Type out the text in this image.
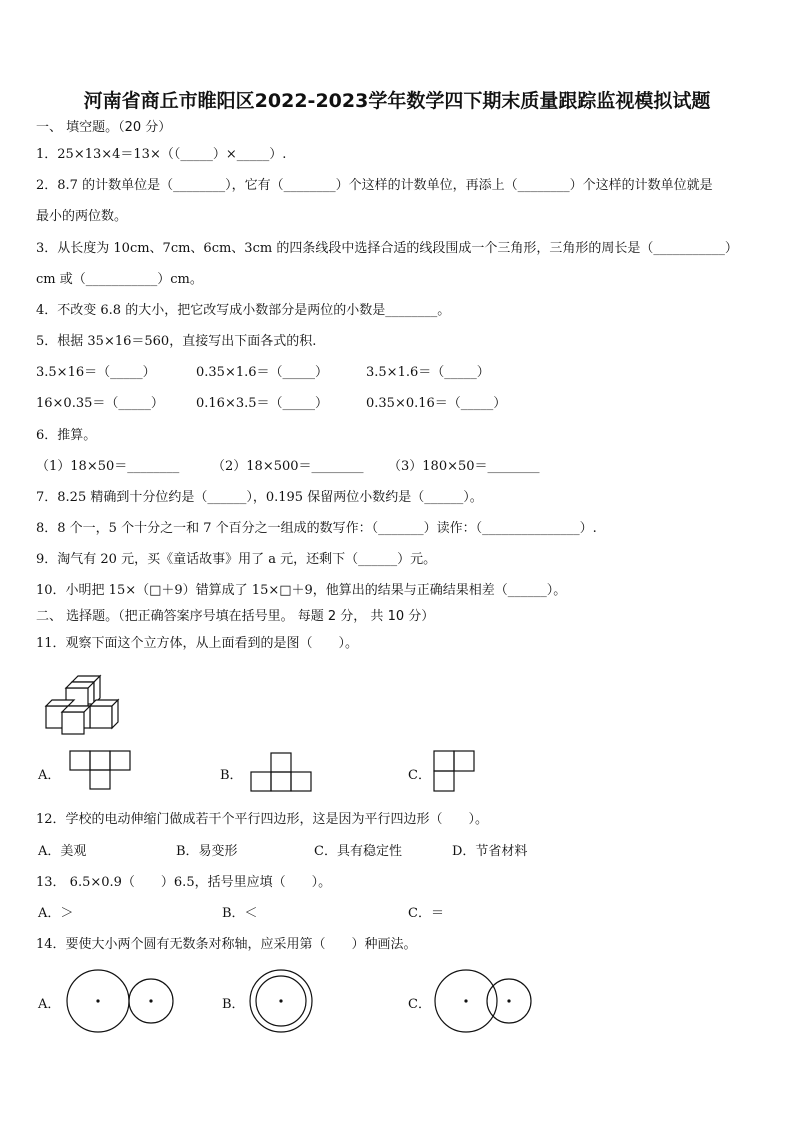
河南省商丘市睢阳区2022-2023学年数学四下期末质量跟踪监视模拟试题
一、 填空题。（20 分）
1．25×13×4＝13×（（_____）×_____）.
2．8.7 的计数单位是（________），它有（________）个这样的计数单位，再添上（________）个这样的计数单位就是
最小的两位数。
3．从长度为 10cm、7cm、6cm、3cm 的四条线段中选择合适的线段围成一个三角形，三角形的周长是（___________）
cm 或（___________）cm。
4．不改变 6.8 的大小，把它改写成小数部分是两位的小数是________。
5．根据 35×16＝560，直接写出下面各式的积.
3.5×16＝（_____）	0.35×1.6＝（_____）	3.5×1.6＝（_____）
16×0.35＝（_____） 0.16×3.5＝（_____）	0.35×0.16＝（_____）
6．推算。
（1）18×50＝________	（2）18×500＝________ （3）180×50＝________
7．8.25 精确到十分位约是（______），0.195 保留两位小数约是（______）。
8．8 个一，5 个十分之一和 7 个百分之一组成的数写作：（_______）读作：（_______________）.
9．淘气有 20 元，买《童话故事》用了 a 元，还剩下（______）元。
10．小明把 15×（□＋9）错算成了 15×□＋9，他算出的结果与正确结果相差（______）。
二、 选择题。（把正确答案序号填在括号里。 每题 2 分， 共 10 分）
11．观察下面这个立方体，从上面看到的是图（　　）。
A．	B．	C．
12．学校的电动伸缩门做成若干个平行四边形，这是因为平行四边形（　　）。
A．美观	B．易变形	C．具有稳定性	D．节省材料
13． 6.5×0.9（　　）6.5，括号里应填（　　）。
A．＞	B．＜	C．＝
14．要使大小两个圆有无数条对称轴，应采用第（　　）种画法。
A．	B．	C．
